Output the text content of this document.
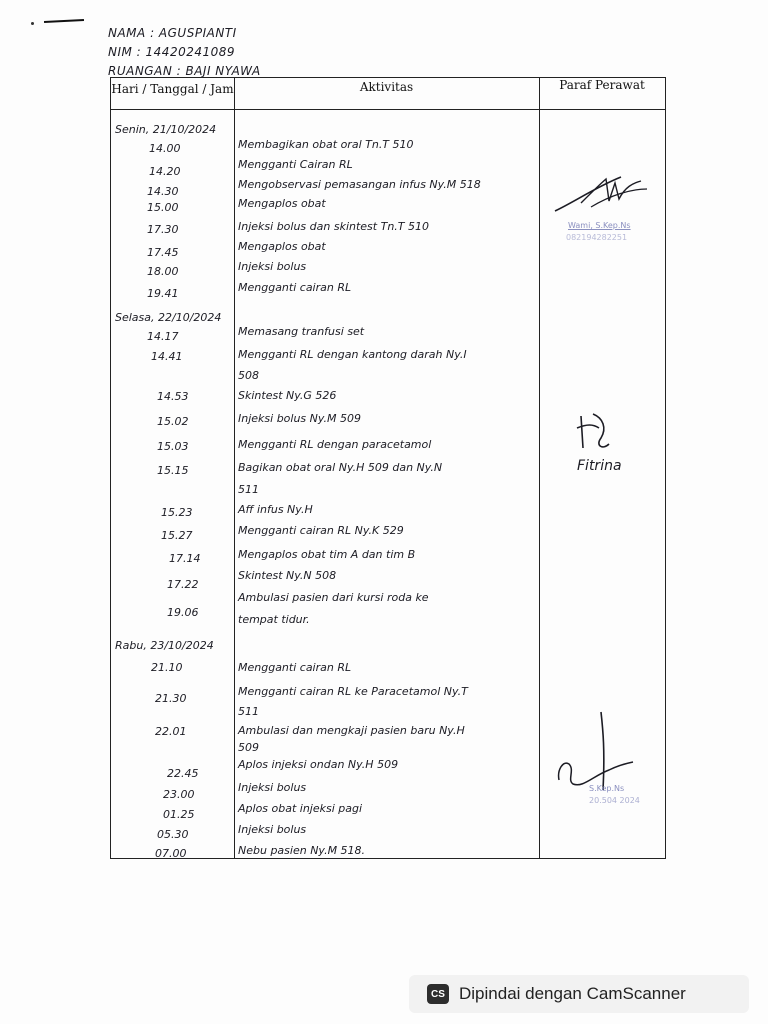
NAMA : AGUSPIANTI
NIM : 14420241089
RUANGAN : BAJI NYAWA
Hari / Tanggal / Jam	Aktivitas	Paraf Perawat
Senin, 21/10/2024
Selasa, 22/10/2024
Rabu, 23/10/2024
14.00
14.20
14.30
15.00
17.30
17.45
18.00
19.41
14.17
14.41
14.53
15.02
15.03
15.15
15.23
15.27
17.14
17.22
19.06
21.10
21.30
22.01
22.45
23.00
01.25
05.30
07.00
Membagikan obat oral Tn.T 510
Mengganti Cairan RL
Mengobservasi pemasangan infus Ny.M 518
Mengaplos obat
Injeksi bolus dan skintest Tn.T 510
Mengaplos obat
Injeksi bolus
Mengganti cairan RL
Memasang tranfusi set
Mengganti RL dengan kantong darah Ny.I
508
Skintest Ny.G 526
Injeksi bolus Ny.M 509
Mengganti RL dengan paracetamol
Bagikan obat oral Ny.H 509 dan Ny.N
511
Aff infus Ny.H
Mengganti cairan RL Ny.K 529
Mengaplos obat tim A dan tim B
Skintest Ny.N 508
Ambulasi pasien dari kursi roda ke
tempat tidur.
Mengganti cairan RL
Mengganti cairan RL ke Paracetamol Ny.T
511
Ambulasi dan mengkaji pasien baru Ny.H
509
Aplos injeksi ondan Ny.H 509
Injeksi bolus
Aplos obat injeksi pagi
Injeksi bolus
Nebu pasien Ny.M 518.
Wami, S.Kep.Ns
082194282251
Fitrina
S.Kep.Ns
20.504 2024
CS Dipindai dengan CamScanner
